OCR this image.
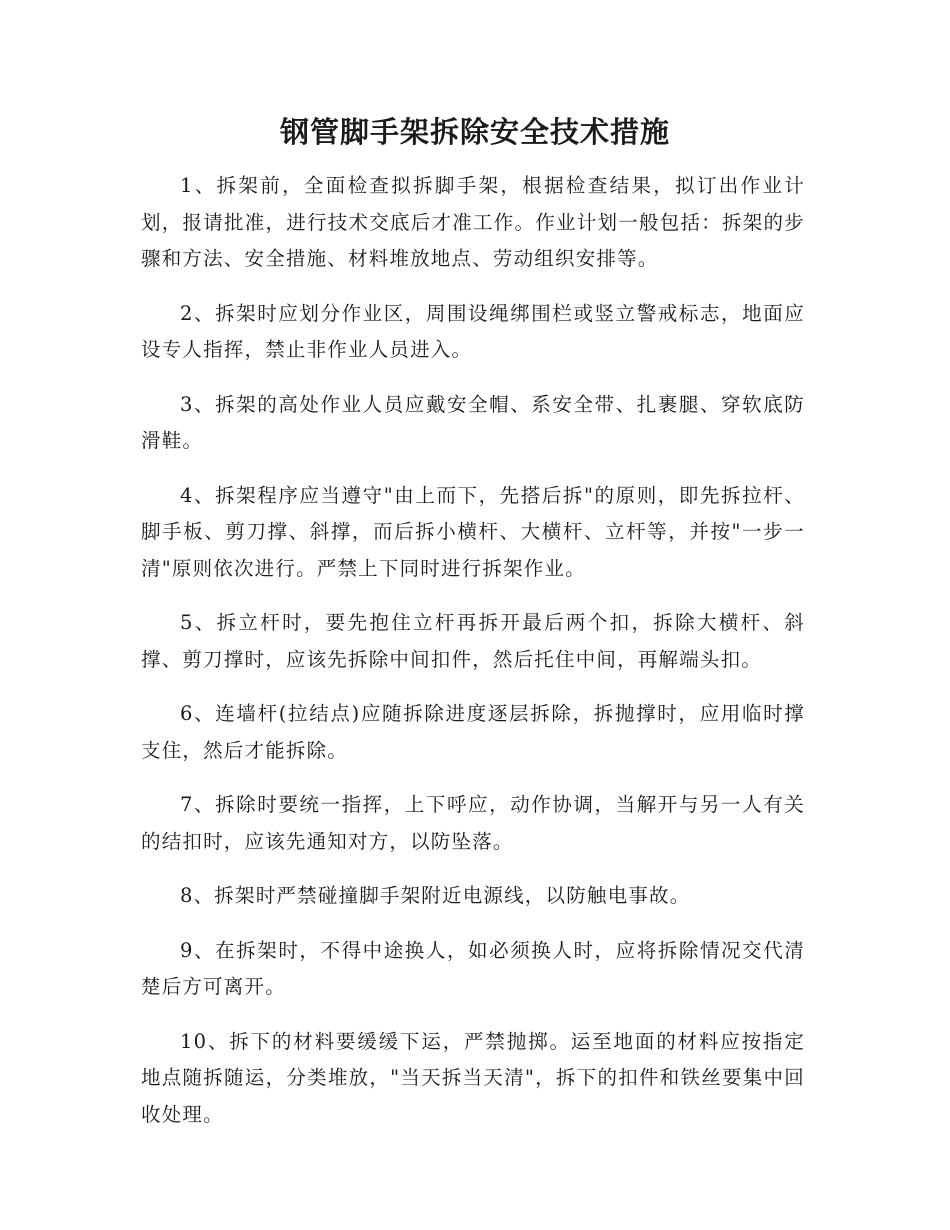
钢管脚手架拆除安全技术措施

1、拆架前，全面检查拟拆脚手架，根据检查结果，拟订出作业计划，报请批准，进行技术交底后才准工作。作业计划一般包括：拆架的步骤和方法、安全措施、材料堆放地点、劳动组织安排等。

2、拆架时应划分作业区，周围设绳绑围栏或竖立警戒标志，地面应设专人指挥，禁止非作业人员进入。

3、拆架的高处作业人员应戴安全帽、系安全带、扎裹腿、穿软底防滑鞋。

4、拆架程序应当遵守"由上而下，先搭后拆"的原则，即先拆拉杆、脚手板、剪刀撑、斜撑，而后拆小横杆、大横杆、立杆等，并按"一步一清"原则依次进行。严禁上下同时进行拆架作业。

5、拆立杆时，要先抱住立杆再拆开最后两个扣，拆除大横杆、斜撑、剪刀撑时，应该先拆除中间扣件，然后托住中间，再解端头扣。

6、连墙杆(拉结点)应随拆除进度逐层拆除，拆抛撑时，应用临时撑支住，然后才能拆除。

7、拆除时要统一指挥，上下呼应，动作协调，当解开与另一人有关的结扣时，应该先通知对方，以防坠落。

8、拆架时严禁碰撞脚手架附近电源线，以防触电事故。

9、在拆架时，不得中途换人，如必须换人时，应将拆除情况交代清楚后方可离开。

10、拆下的材料要缓缓下运，严禁抛掷。运至地面的材料应按指定地点随拆随运，分类堆放，"当天拆当天清"，拆下的扣件和铁丝要集中回收处理。
